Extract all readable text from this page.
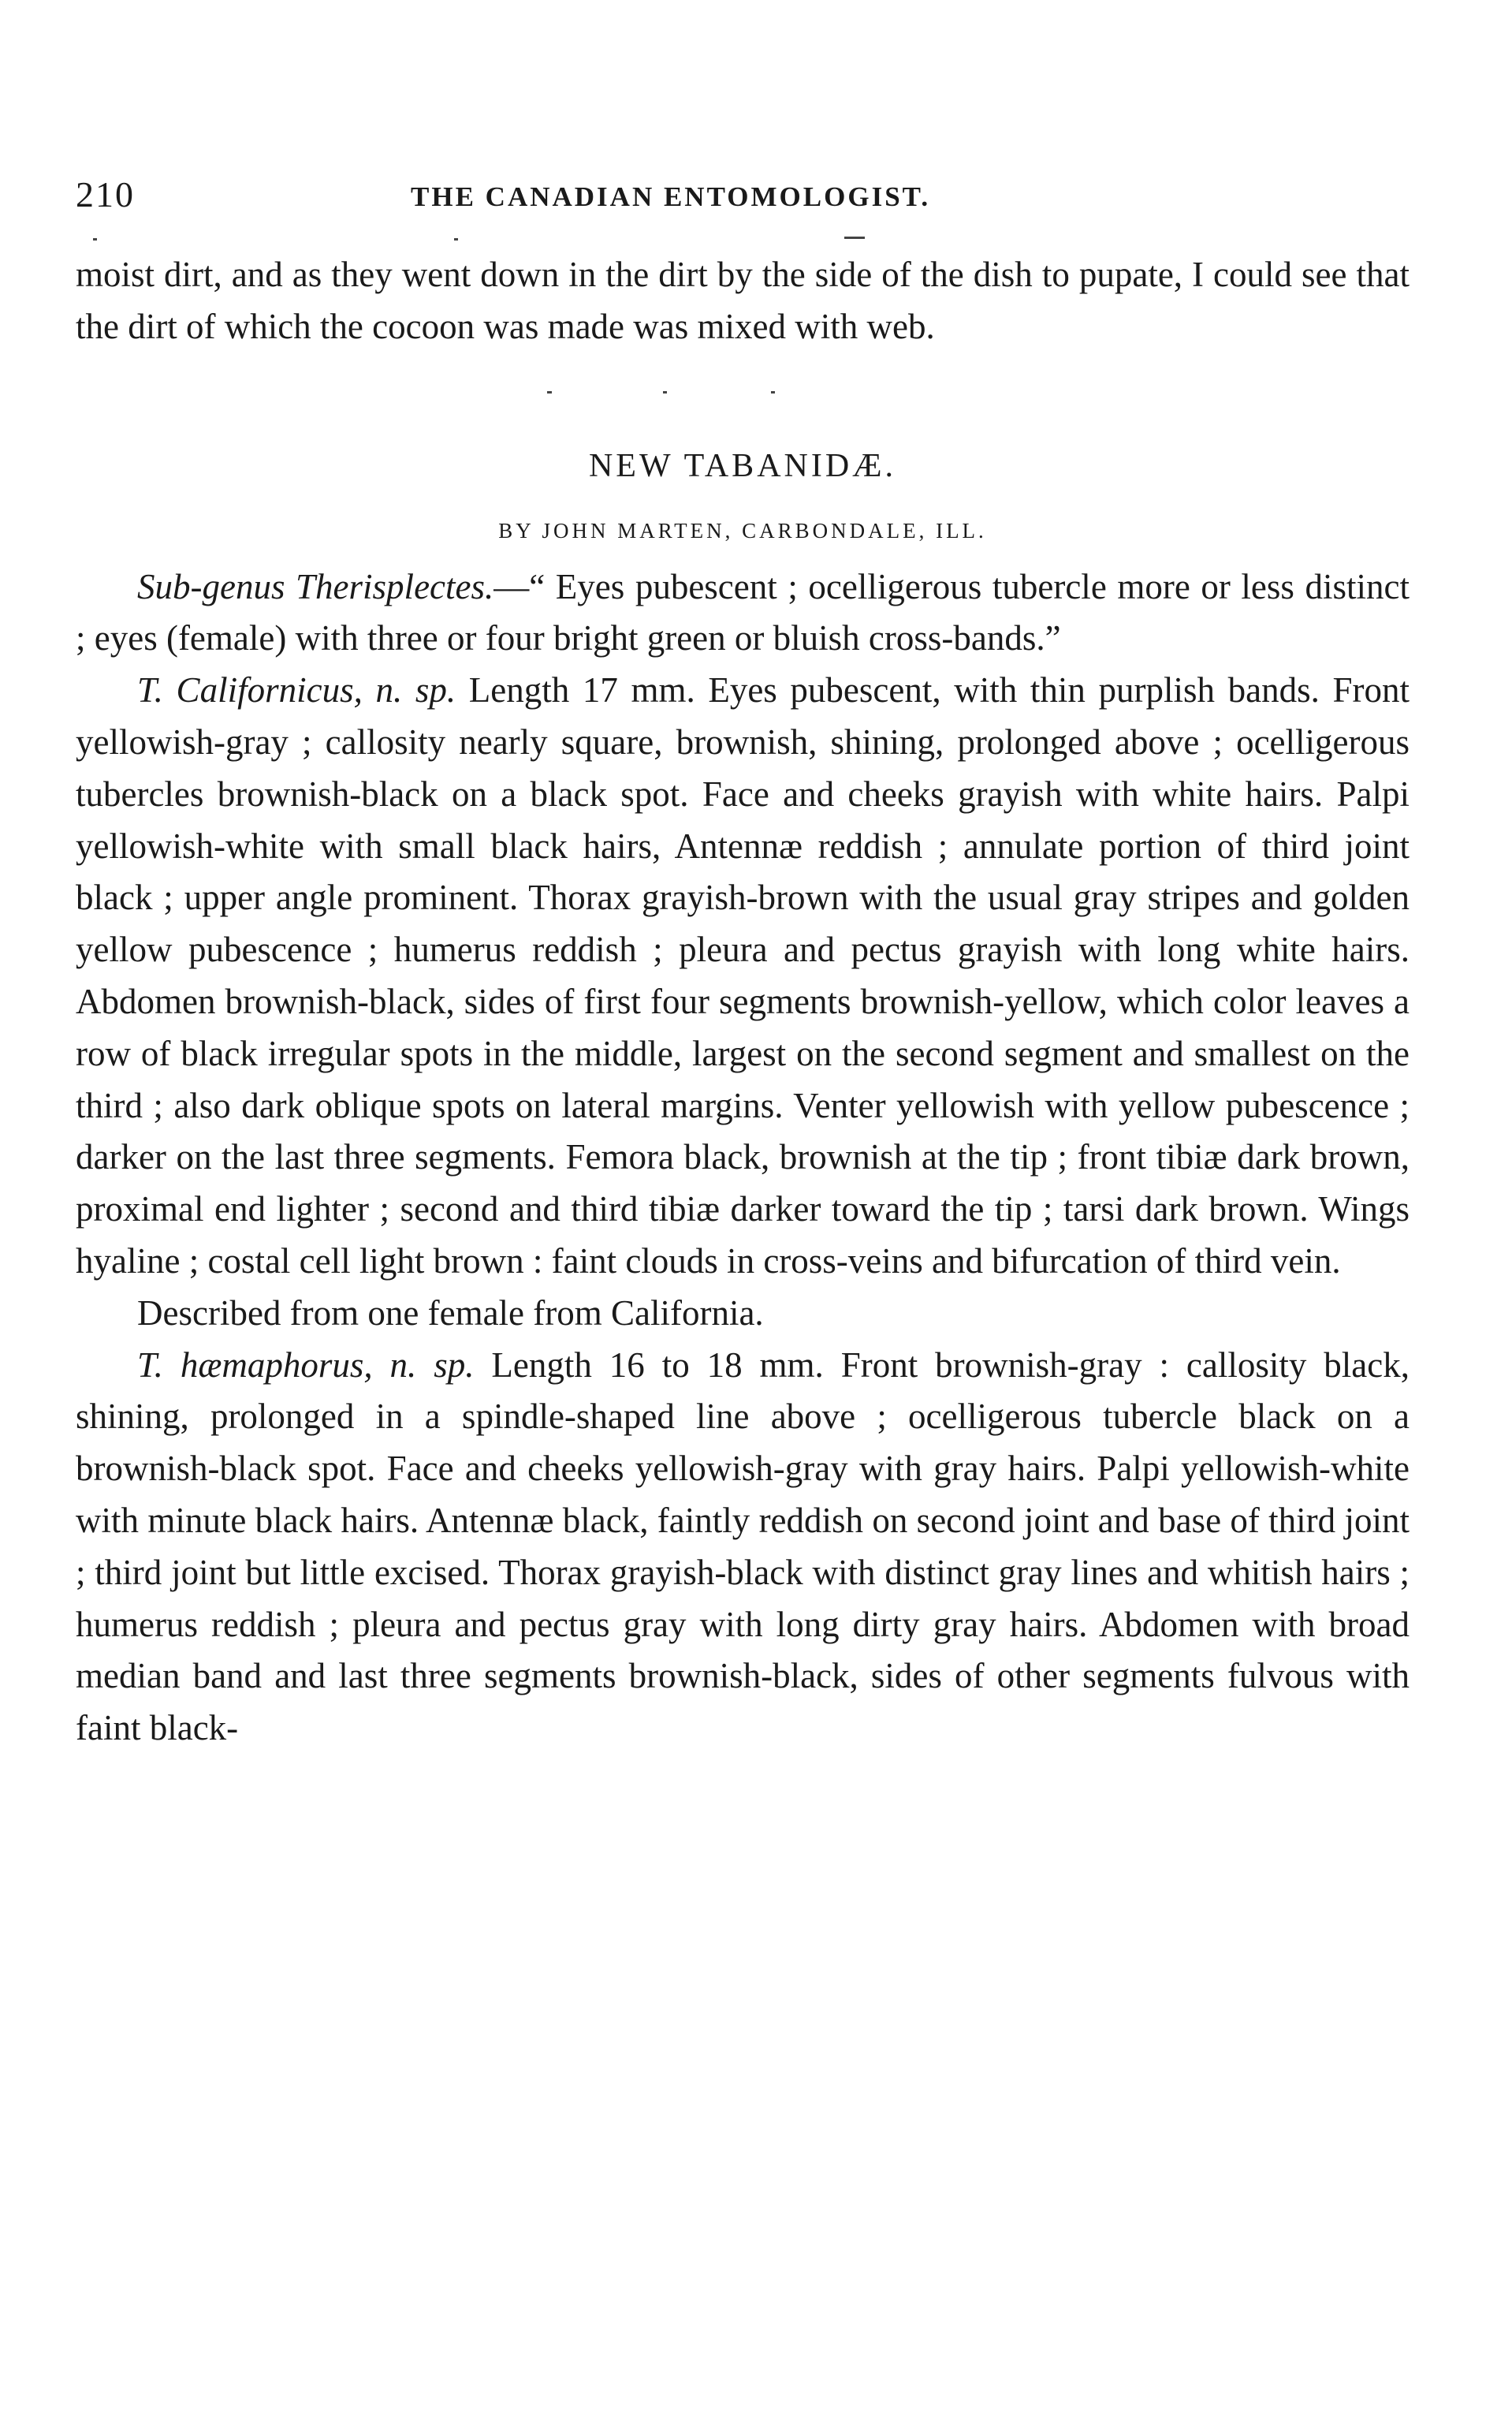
210	THE CANADIAN ENTOMOLOGIST.

moist dirt, and as they went down in the dirt by the side of the dish to pupate, I could see that the dirt of which the cocoon was made was mixed with web.

NEW TABANIDÆ.

BY JOHN MARTEN, CARBONDALE, ILL.

Sub-genus Therisplectes.—“ Eyes pubescent ; ocelligerous tubercle more or less distinct ; eyes (female) with three or four bright green or bluish cross-bands.”

T. Californicus, n. sp. Length 17 mm. Eyes pubescent, with thin purplish bands. Front yellowish-gray ; callosity nearly square, brownish, shining, prolonged above ; ocelligerous tubercles brownish-black on a black spot. Face and cheeks grayish with white hairs. Palpi yellowish-white with small black hairs, Antennæ reddish ; annulate portion of third joint black ; upper angle prominent. Thorax grayish-brown with the usual gray stripes and golden yellow pubescence ; humerus reddish ; pleura and pectus grayish with long white hairs. Abdomen brownish-black, sides of first four segments brownish-yellow, which color leaves a row of black irregular spots in the middle, largest on the second segment and smallest on the third ; also dark oblique spots on lateral margins. Venter yellowish with yellow pubescence ; darker on the last three segments. Femora black, brownish at the tip ; front tibiæ dark brown, proximal end lighter ; second and third tibiæ darker toward the tip ; tarsi dark brown. Wings hyaline ; costal cell light brown : faint clouds in cross-veins and bifurcation of third vein.

Described from one female from California.

T. hæmaphorus, n. sp. Length 16 to 18 mm. Front brownish-gray : callosity black, shining, prolonged in a spindle-shaped line above ; ocelligerous tubercle black on a brownish-black spot. Face and cheeks yellowish-gray with gray hairs. Palpi yellowish-white with minute black hairs. Antennæ black, faintly reddish on second joint and base of third joint ; third joint but little excised. Thorax grayish-black with distinct gray lines and whitish hairs ; humerus reddish ; pleura and pectus gray with long dirty gray hairs. Abdomen with broad median band and last three segments brownish-black, sides of other segments fulvous with faint black-
